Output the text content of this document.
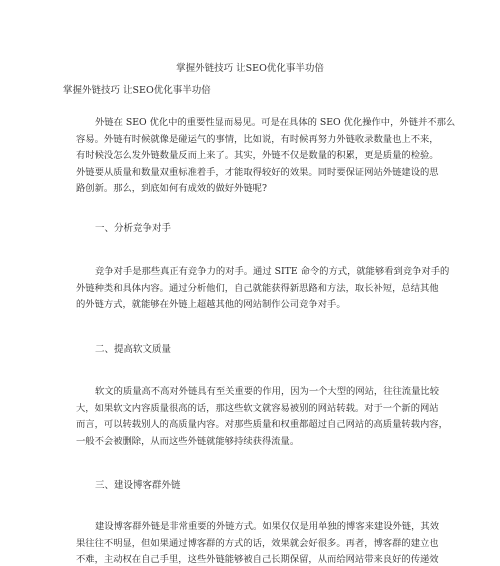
掌握外链技巧 让SEO优化事半功倍
掌握外链技巧 让SEO优化事半功倍
外链在 SEO 优化中的重要性显而易见。可是在具体的 SEO 优化操作中，外链并不那么
容易。外链有时候就像是碰运气的事情，比如说，有时候再努力外链收录数量也上不来，
有时候没怎么发外链数量反而上来了。其实，外链不仅是数量的积累，更是质量的检验。
外链要从质量和数量双重标准着手，才能取得较好的效果。同时要保证网站外链建设的思
路创新。那么，到底如何有成效的做好外链呢?
一、分析竞争对手
竞争对手是那些真正有竞争力的对手。通过 SITE 命令的方式，就能够看到竞争对手的
外链种类和具体内容。通过分析他们，自己就能获得新思路和方法，取长补短，总结其他
的外链方式，就能够在外链上超越其他的网站制作公司竞争对手。
二、提高软文质量
软文的质量高不高对外链具有至关重要的作用，因为一个大型的网站，往往流量比较
大，如果软文内容质量很高的话，那这些软文就容易被别的网站转载。对于一个新的网站
而言，可以转载别人的高质量内容。对那些质量和权重都超过自己网站的高质量转载内容，
一般不会被删除，从而这些外链就能够持续获得流量。
三、建设博客群外链
建设博客群外链是非常重要的外链方式。如果仅仅是用单独的博客来建设外链，其效
果往往不明显，但如果通过博客群的方式的话，效果就会好很多。再者，博客群的建立也
不难，主动权在自己手里，这些外链能够被自己长期保留，从而给网站带来良好的传递效
